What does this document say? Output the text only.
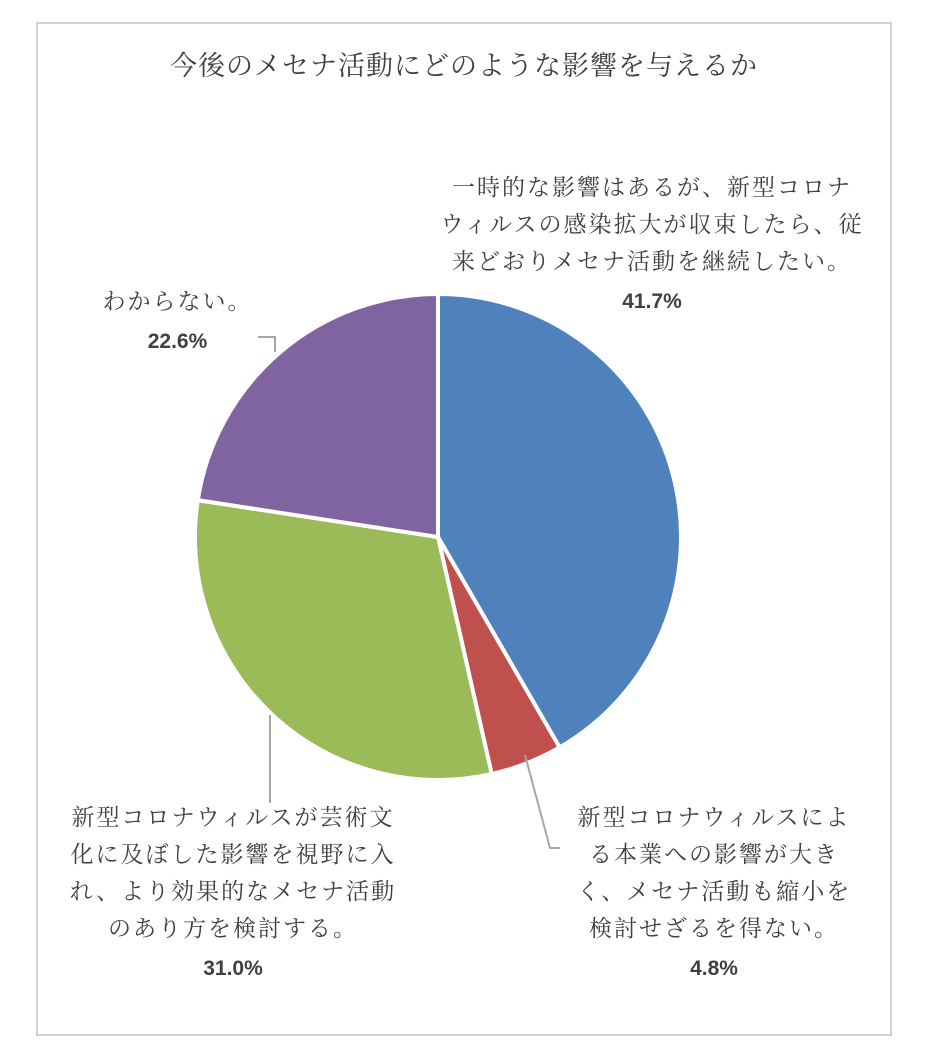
今後のメセナ活動にどのような影響を与えるか
一時的な影響はあるが、新型コロナ
ウィルスの感染拡大が収束したら、従
来どおりメセナ活動を継続したい。
41.7%
わからない。
22.6%
新型コロナウィルスが芸術文
化に及ぼした影響を視野に入
れ、より効果的なメセナ活動
のあり方を検討する。
31.0%
新型コロナウィルスによ
る本業への影響が大き
く、メセナ活動も縮小を
検討せざるを得ない。
4.8%
